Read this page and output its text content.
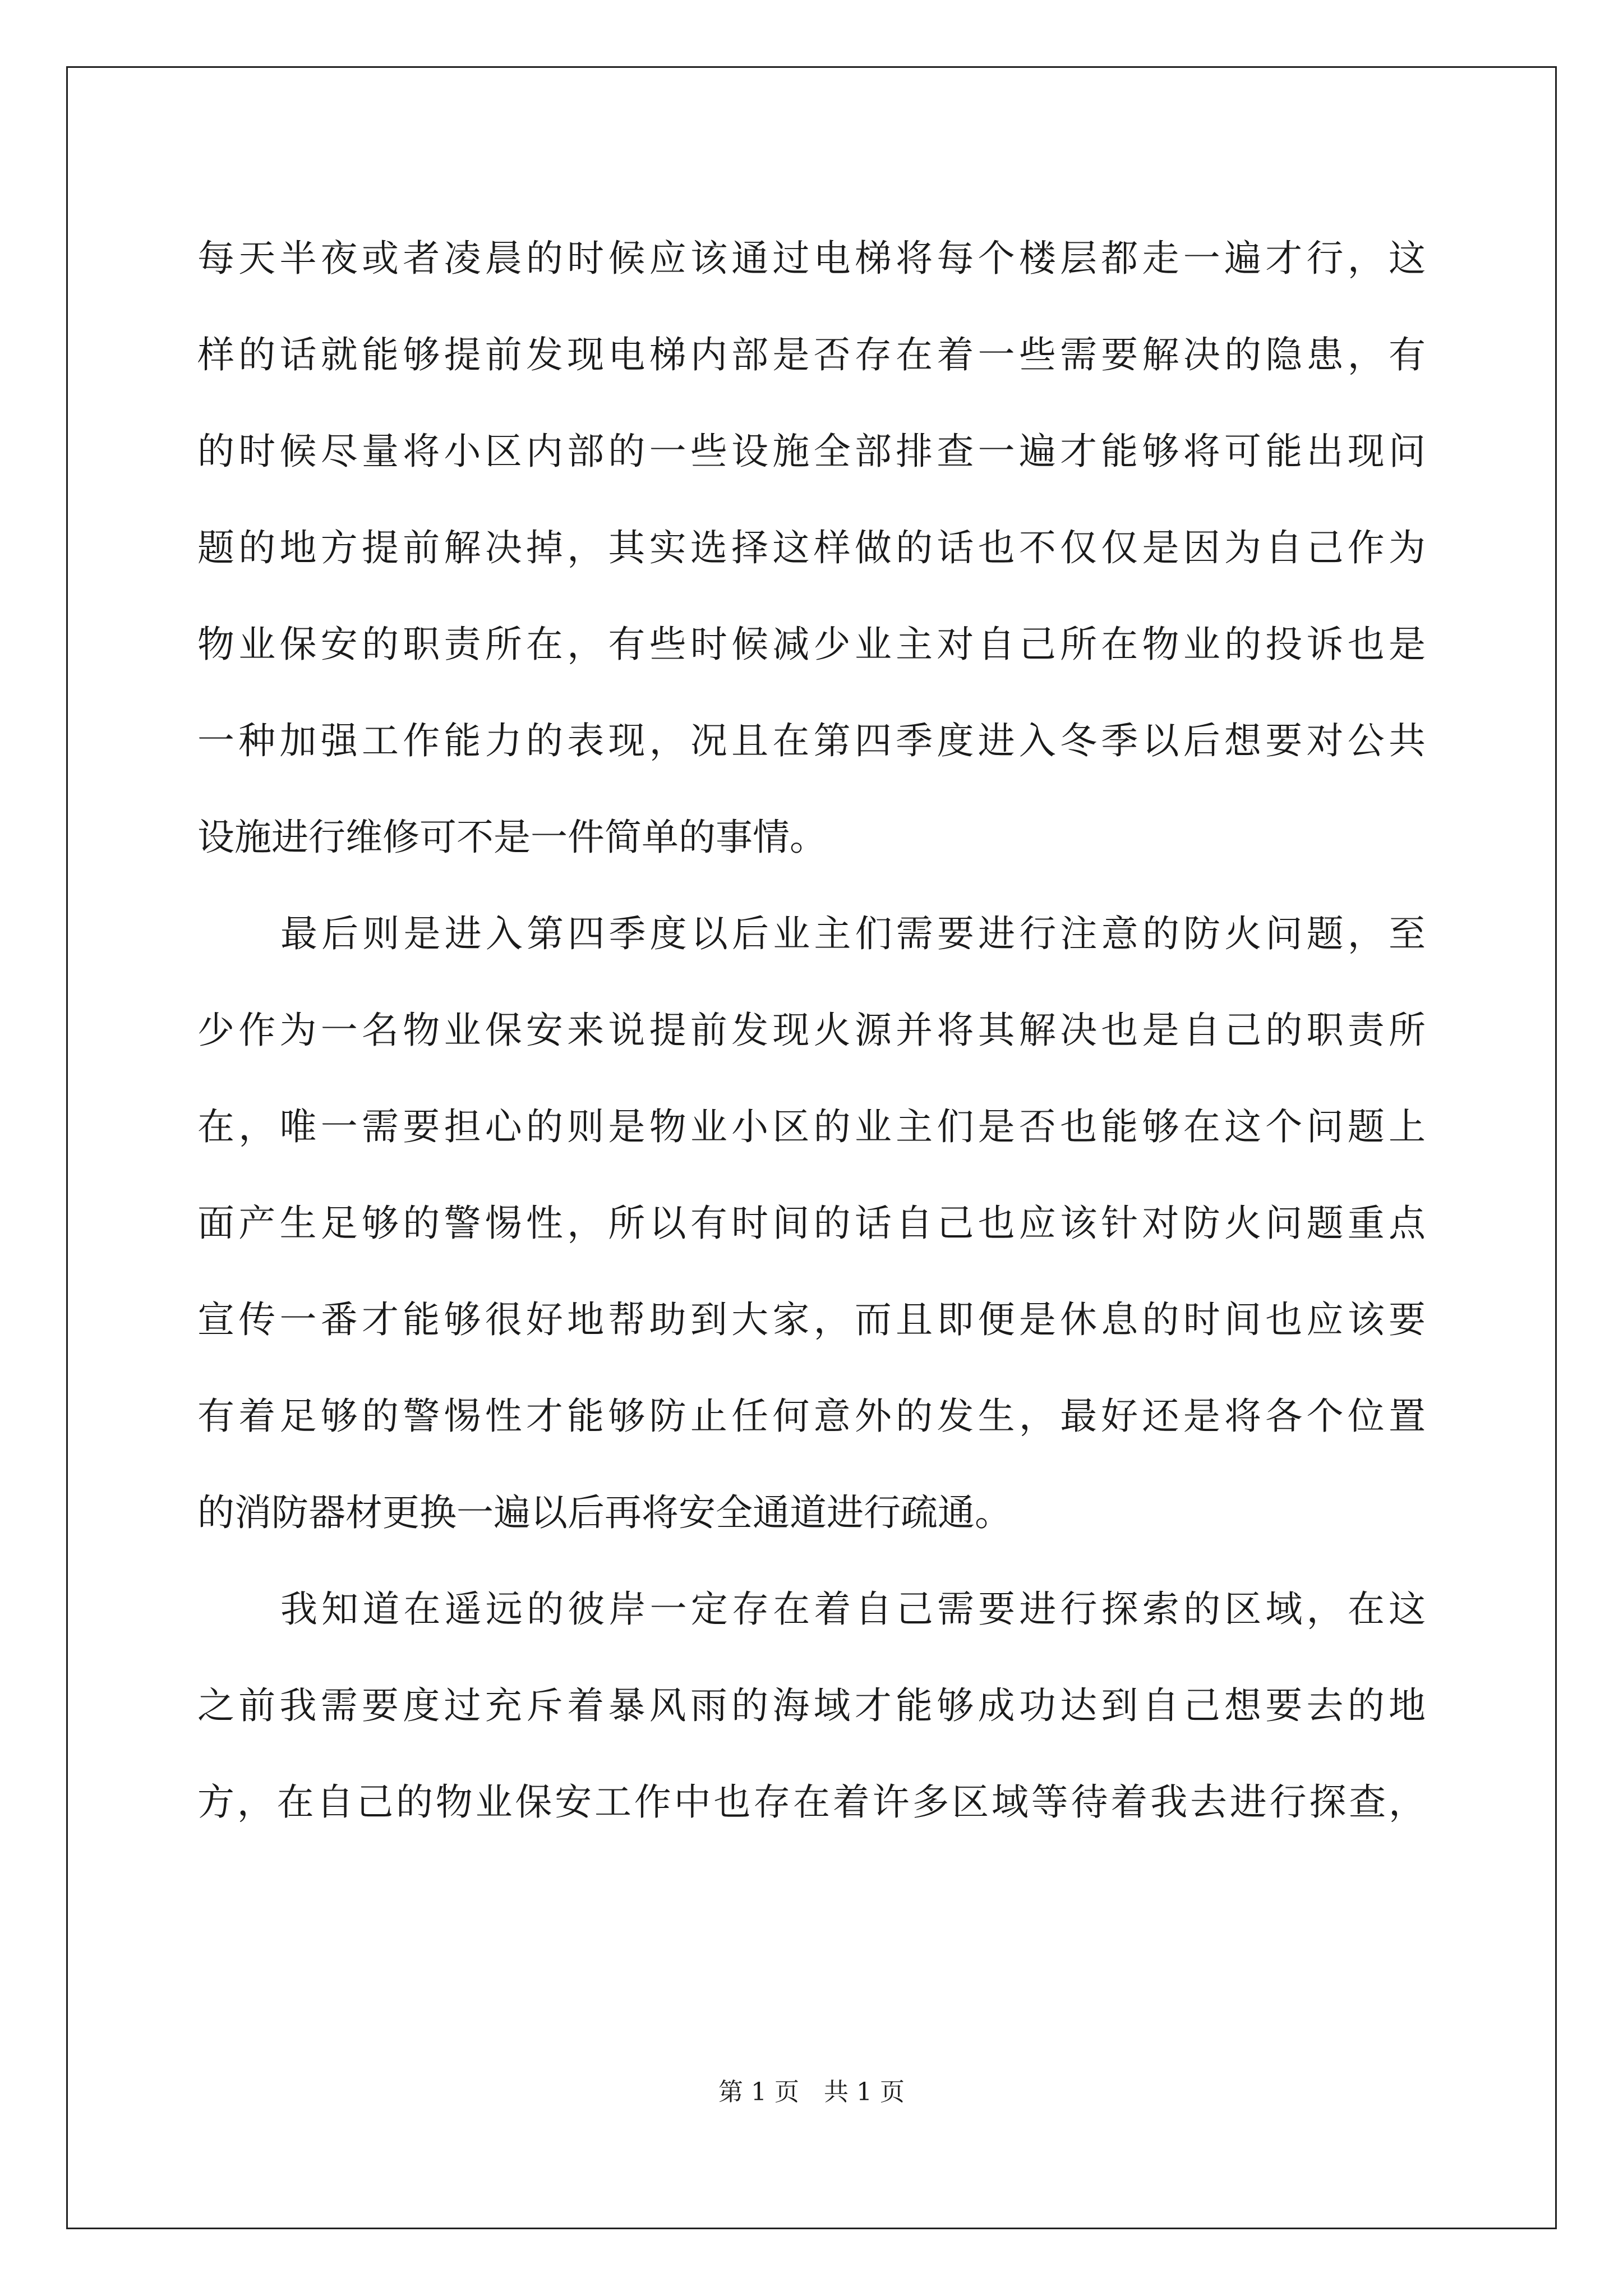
每天半夜或者凌晨的时候应该通过电梯将每个楼层都走一遍才行，这
样的话就能够提前发现电梯内部是否存在着一些需要解决的隐患，有
的时候尽量将小区内部的一些设施全部排查一遍才能够将可能出现问
题的地方提前解决掉，其实选择这样做的话也不仅仅是因为自己作为
物业保安的职责所在，有些时候减少业主对自己所在物业的投诉也是
一种加强工作能力的表现，况且在第四季度进入冬季以后想要对公共
设施进行维修可不是一件简单的事情。
最后则是进入第四季度以后业主们需要进行注意的防火问题，至
少作为一名物业保安来说提前发现火源并将其解决也是自己的职责所
在，唯一需要担心的则是物业小区的业主们是否也能够在这个问题上
面产生足够的警惕性，所以有时间的话自己也应该针对防火问题重点
宣传一番才能够很好地帮助到大家，而且即便是休息的时间也应该要
有着足够的警惕性才能够防止任何意外的发生，最好还是将各个位置
的消防器材更换一遍以后再将安全通道进行疏通。
我知道在遥远的彼岸一定存在着自己需要进行探索的区域，在这
之前我需要度过充斥着暴风雨的海域才能够成功达到自己想要去的地
方，在自己的物业保安工作中也存在着许多区域等待着我去进行探查，
第 1 页　共 1 页
